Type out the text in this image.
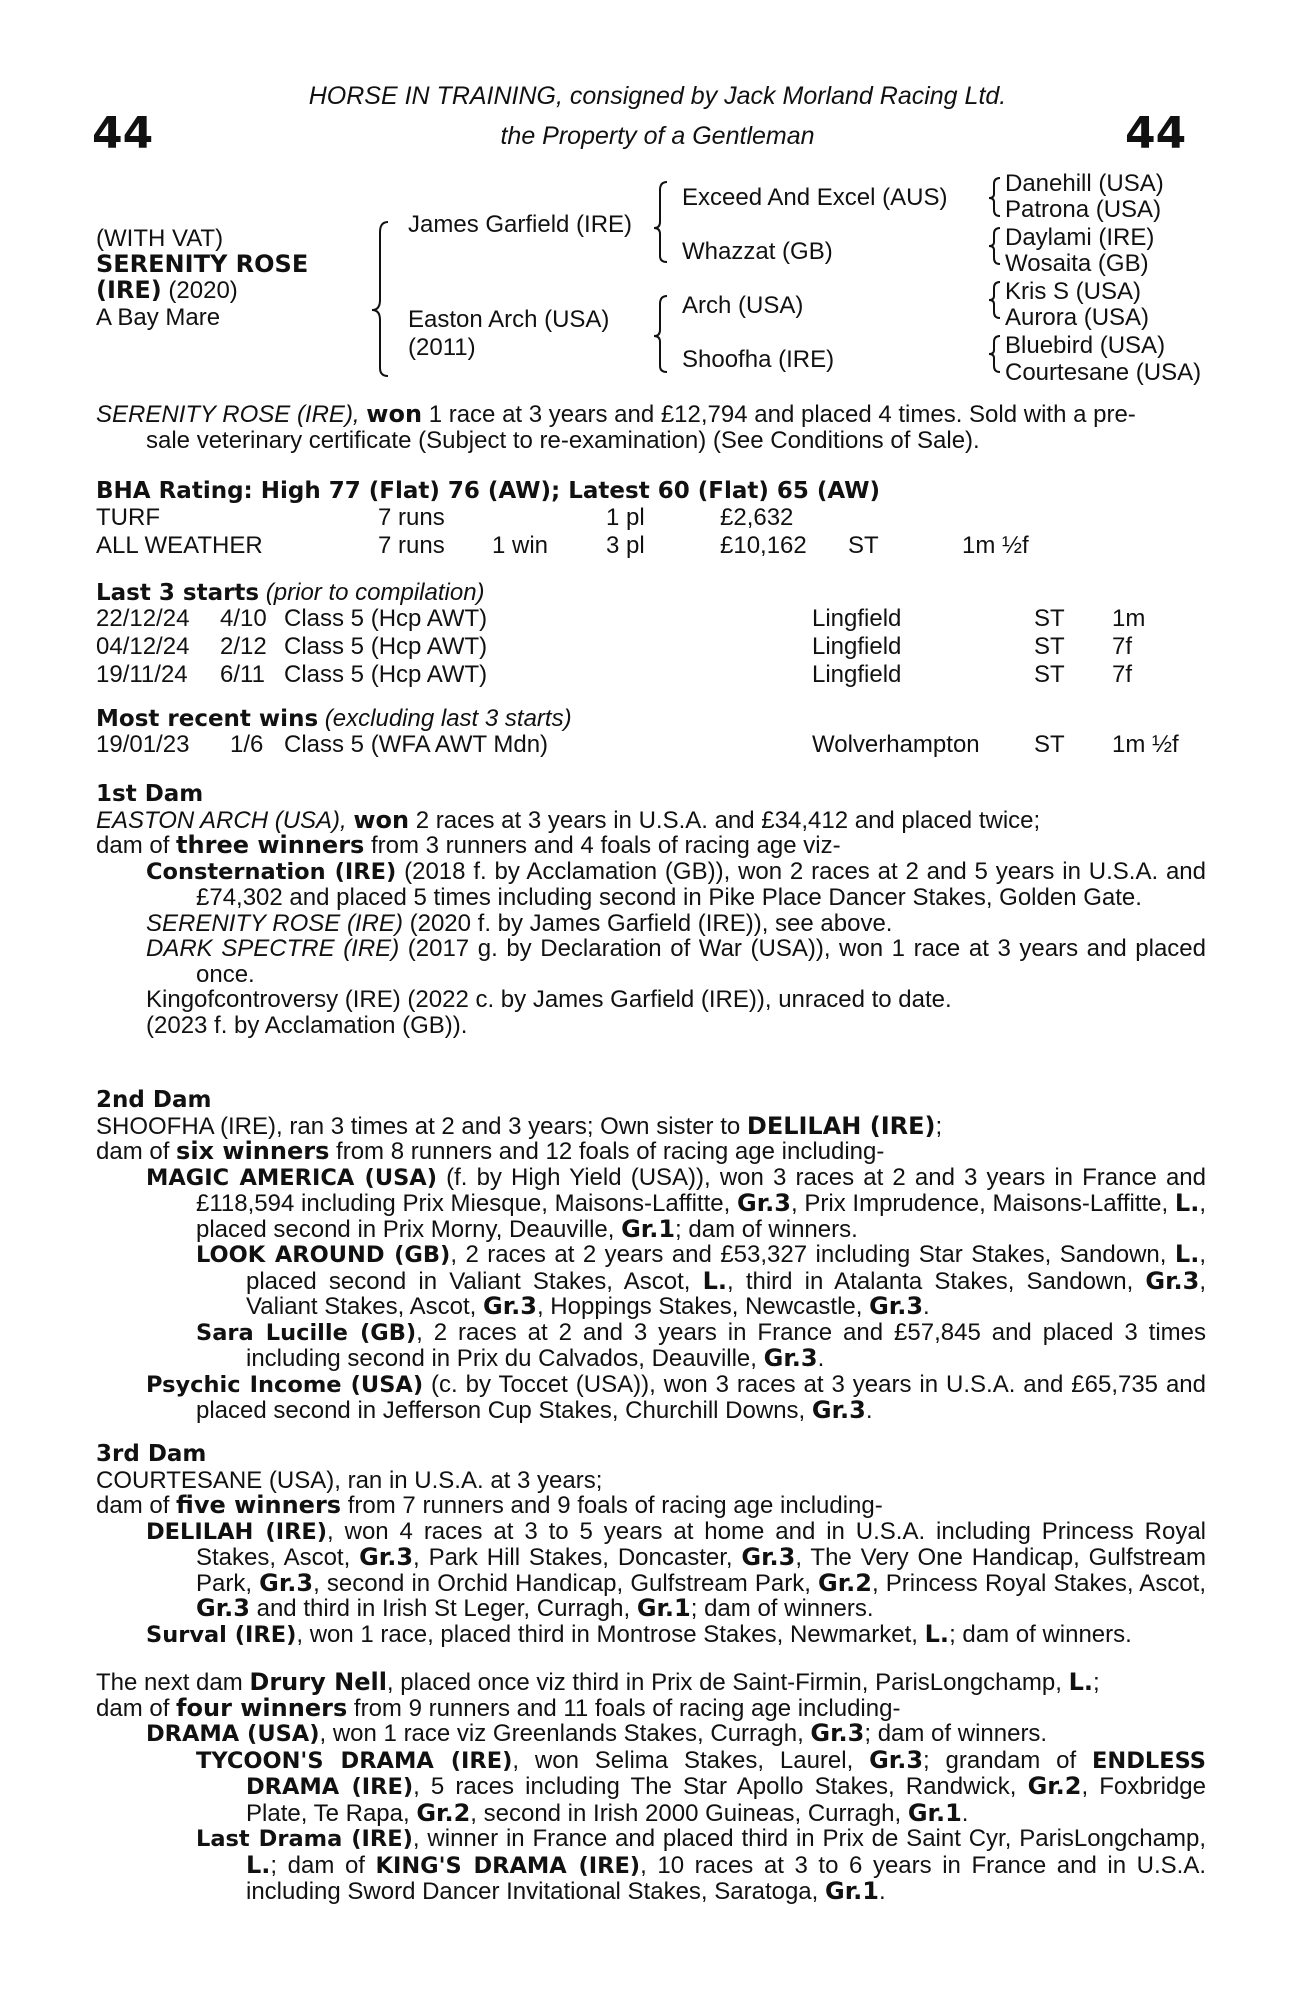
44	44
HORSE IN TRAINING, consigned by Jack Morland Racing Ltd.
the Property of a Gentleman
(WITH VAT)
SERENITY ROSE
(IRE) (2020)
A Bay Mare
James Garfield (IRE)
Easton Arch (USA)
(2011)
Exceed And Excel (AUS)
Whazzat (GB)
Arch (USA)
Shoofha (IRE)
Danehill (USA)
Patrona (USA)
Daylami (IRE)
Wosaita (GB)
Kris S (USA)
Aurora (USA)
Bluebird (USA)
Courtesane (USA)

SERENITY ROSE (IRE), won 1 race at 3 years and £12,794 and placed 4 times. Sold with a pre-

sale veterinary certificate (Subject to re-examination) (See Conditions of Sale).

BHA Rating: High 77 (Flat) 76 (AW); Latest 60 (Flat) 65 (AW)
TURF	7 runs		1 pl	£2,632		
ALL WEATHER	7 runs	1 win	3 pl	£10,162	ST	1m ½f
Last 3 starts (prior to compilation)
22/12/24	4/10	Class 5 (Hcp AWT)	Lingfield	ST	1m
04/12/24	2/12	Class 5 (Hcp AWT)	Lingfield	ST	7f
19/11/24	6/11	Class 5 (Hcp AWT)	Lingfield	ST	7f
Most recent wins (excluding last 3 starts)
19/01/23	1/6	Class 5 (WFA AWT Mdn)	Wolverhampton	ST	1m ½f

1st Dam

EASTON ARCH (USA), won 2 races at 3 years in U.S.A. and £34,412 and placed twice;

dam of three winners from 3 runners and 4 foals of racing age viz-

Consternation (IRE) (2018 f. by Acclamation (GB)), won 2 races at 2 and 5 years in U.S.A. and £74,302 and placed 5 times including second in Pike Place Dancer Stakes, Golden Gate.

SERENITY ROSE (IRE) (2020 f. by James Garfield (IRE)), see above.

DARK SPECTRE (IRE) (2017 g. by Declaration of War (USA)), won 1 race at 3 years and placed once.

Kingofcontroversy (IRE) (2022 c. by James Garfield (IRE)), unraced to date.

(2023 f. by Acclamation (GB)).

2nd Dam

SHOOFHA (IRE), ran 3 times at 2 and 3 years; Own sister to DELILAH (IRE);

dam of six winners from 8 runners and 12 foals of racing age including-

MAGIC AMERICA (USA) (f. by High Yield (USA)), won 3 races at 2 and 3 years in France and £118,594 including Prix Miesque, Maisons-Laffitte, Gr.3, Prix Imprudence, Maisons-Laffitte, L., placed second in Prix Morny, Deauville, Gr.1; dam of winners.

LOOK AROUND (GB), 2 races at 2 years and £53,327 including Star Stakes, Sandown, L., placed second in Valiant Stakes, Ascot, L., third in Atalanta Stakes, Sandown, Gr.3, Valiant Stakes, Ascot, Gr.3, Hoppings Stakes, Newcastle, Gr.3.

Sara Lucille (GB), 2 races at 2 and 3 years in France and £57,845 and placed 3 times including second in Prix du Calvados, Deauville, Gr.3.

Psychic Income (USA) (c. by Toccet (USA)), won 3 races at 3 years in U.S.A. and £65,735 and placed second in Jefferson Cup Stakes, Churchill Downs, Gr.3.

3rd Dam

COURTESANE (USA), ran in U.S.A. at 3 years;

dam of five winners from 7 runners and 9 foals of racing age including-

DELILAH (IRE), won 4 races at 3 to 5 years at home and in U.S.A. including Princess Royal Stakes, Ascot, Gr.3, Park Hill Stakes, Doncaster, Gr.3, The Very One Handicap, Gulfstream Park, Gr.3, second in Orchid Handicap, Gulfstream Park, Gr.2, Princess Royal Stakes, Ascot, Gr.3 and third in Irish St Leger, Curragh, Gr.1; dam of winners.

Surval (IRE), won 1 race, placed third in Montrose Stakes, Newmarket, L.; dam of winners.

The next dam Drury Nell, placed once viz third in Prix de Saint-Firmin, ParisLongchamp, L.;

dam of four winners from 9 runners and 11 foals of racing age including-

DRAMA (USA), won 1 race viz Greenlands Stakes, Curragh, Gr.3; dam of winners.

TYCOON'S DRAMA (IRE), won Selima Stakes, Laurel, Gr.3; grandam of ENDLESS DRAMA (IRE), 5 races including The Star Apollo Stakes, Randwick, Gr.2, Foxbridge Plate, Te Rapa, Gr.2, second in Irish 2000 Guineas, Curragh, Gr.1.

Last Drama (IRE), winner in France and placed third in Prix de Saint Cyr, ParisLongchamp, L.; dam of KING'S DRAMA (IRE), 10 races at 3 to 6 years in France and in U.S.A. including Sword Dancer Invitational Stakes, Saratoga, Gr.1.
